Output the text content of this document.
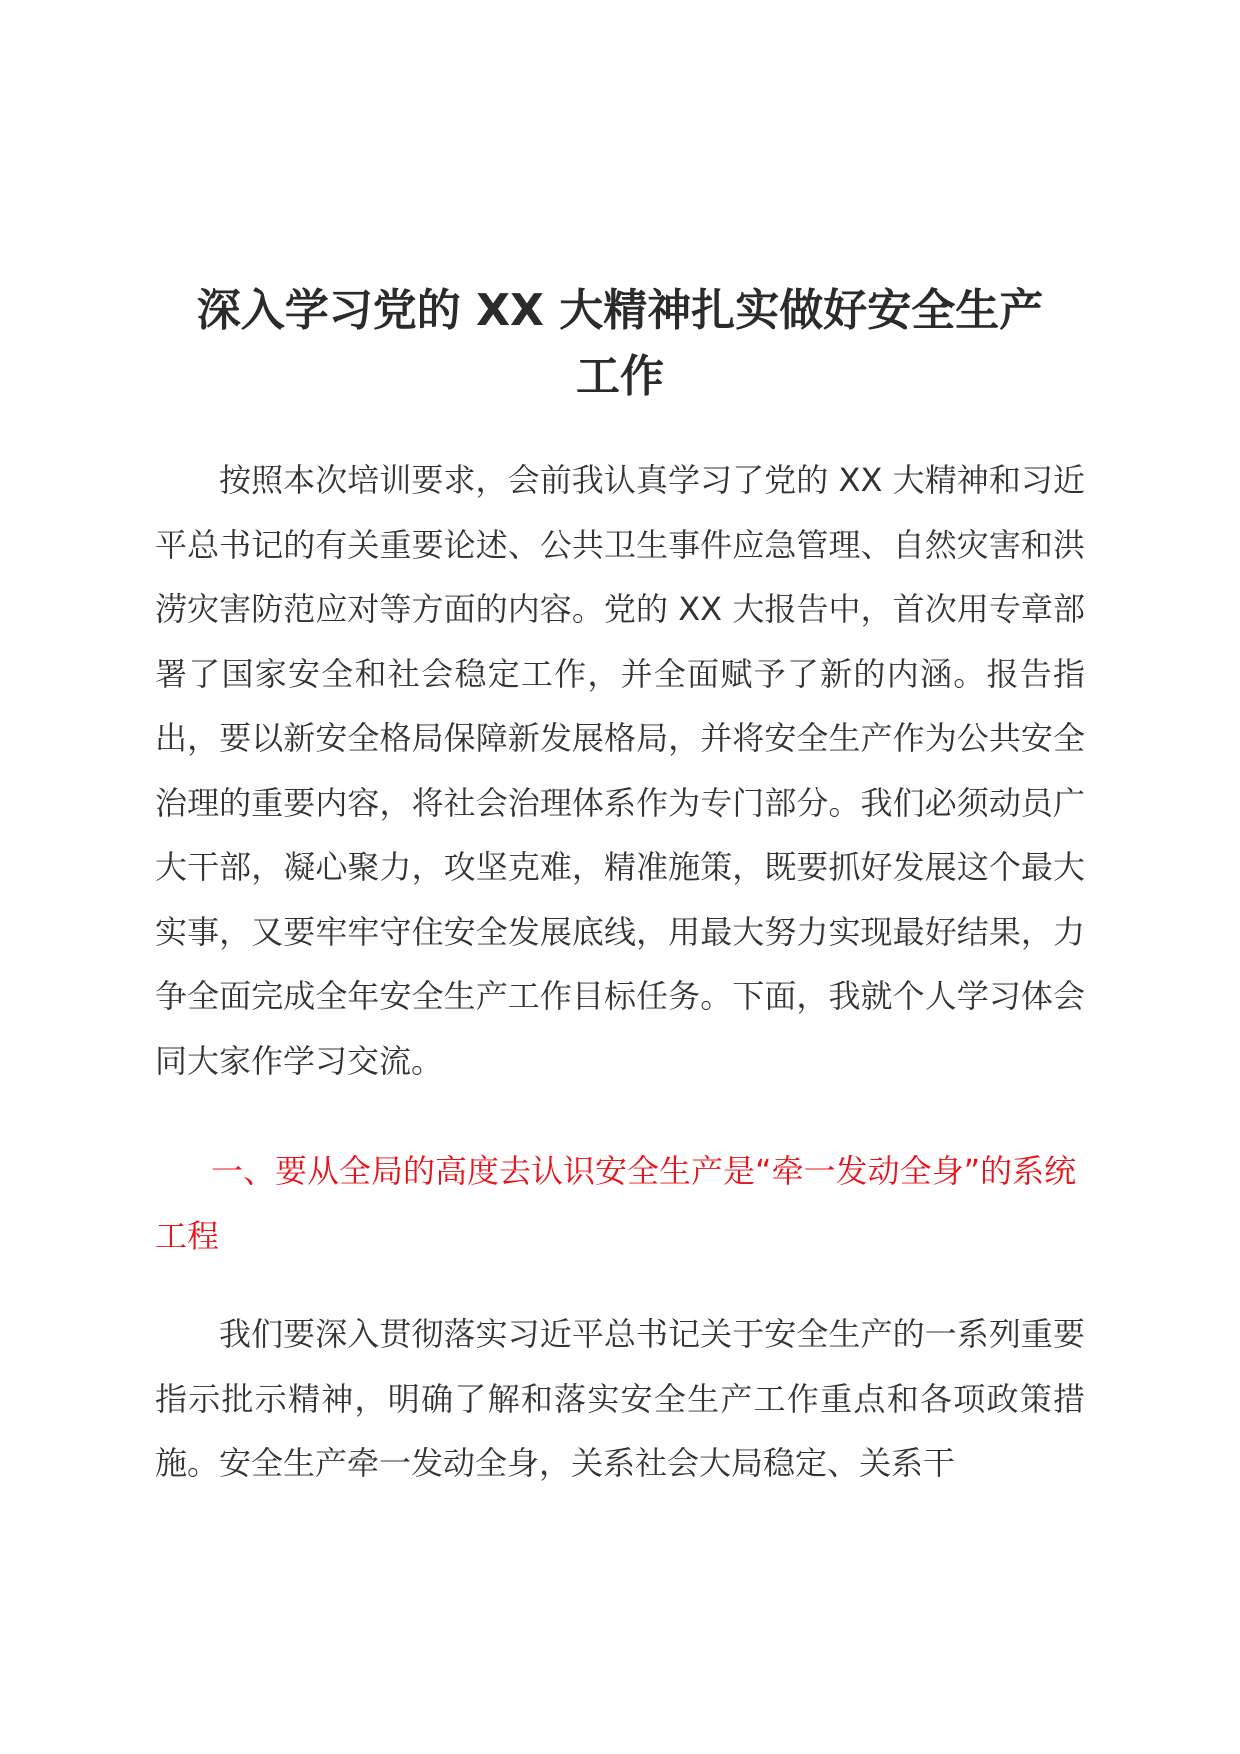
深入学习党的 XX 大精神扎实做好安全生产
工作

按照本次培训要求，会前我认真学习了党的 XX 大精神和习近平总书记的有关重要论述、公共卫生事件应急管理、自然灾害和洪涝灾害防范应对等方面的内容。党的 XX 大报告中，首次用专章部署了国家安全和社会稳定工作，并全面赋予了新的内涵。报告指出，要以新安全格局保障新发展格局，并将安全生产作为公共安全治理的重要内容，将社会治理体系作为专门部分。我们必须动员广大干部，凝心聚力，攻坚克难，精准施策，既要抓好发展这个最大实事，又要牢牢守住安全发展底线，用最大努力实现最好结果，力争全面完成全年安全生产工作目标任务。下面，我就个人学习体会同大家作学习交流。

一、要从全局的高度去认识安全生产是“牵一发动全身”的系统工程

我们要深入贯彻落实习近平总书记关于安全生产的一系列重要指示批示精神，明确了解和落实安全生产工作重点和各项政策措施。安全生产牵一发动全身，关系社会大局稳定、关系干
